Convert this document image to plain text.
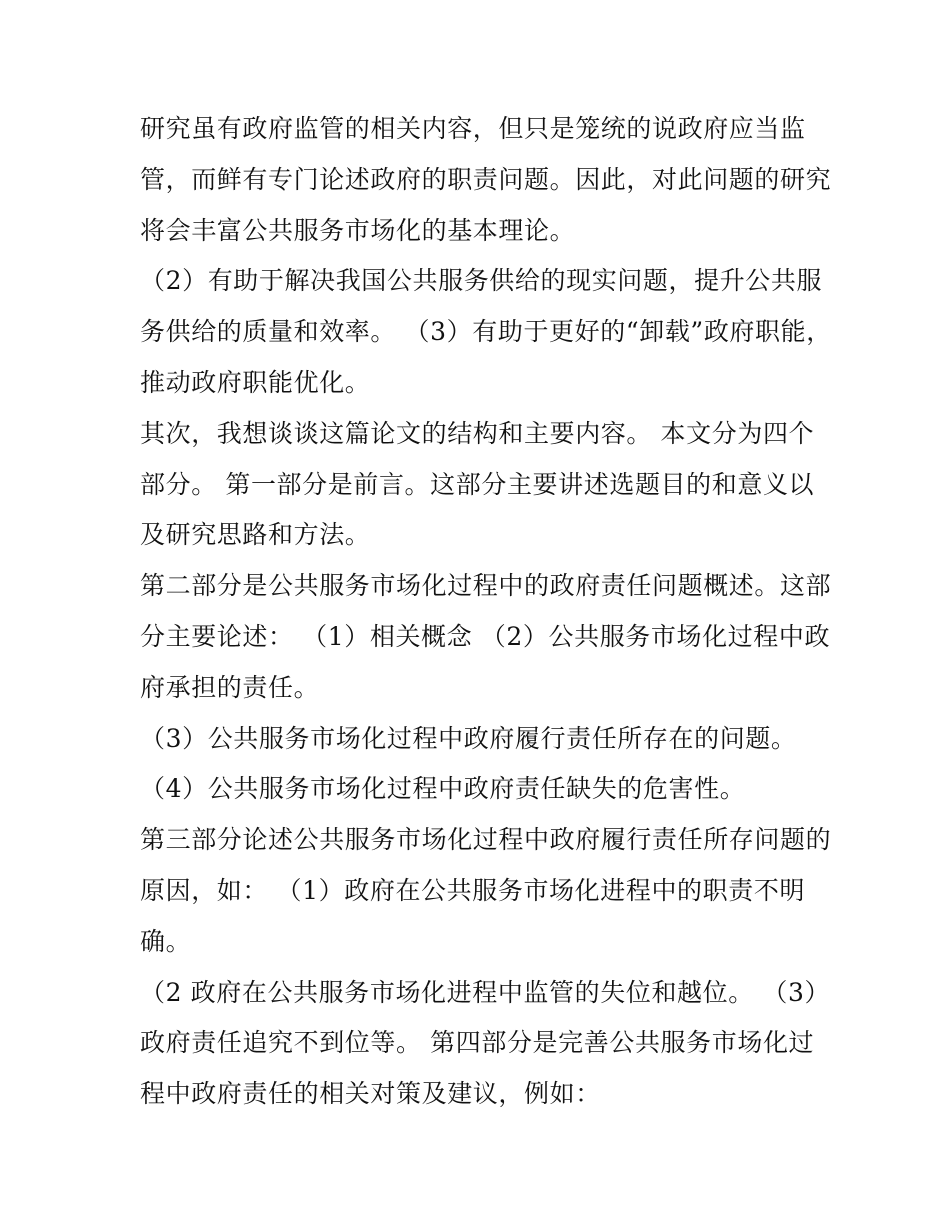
研究虽有政府监管的相关内容，但只是笼统的说政府应当监
管，而鲜有专门论述政府的职责问题。因此，对此问题的研究
将会丰富公共服务市场化的基本理论。
（2）有助于解决我国公共服务供给的现实问题，提升公共服
务供给的质量和效率。 （3）有助于更好的“卸载”政府职能，
推动政府职能优化。
其次，我想谈谈这篇论文的结构和主要内容。 本文分为四个
部分。 第一部分是前言。这部分主要讲述选题目的和意义以
及研究思路和方法。
第二部分是公共服务市场化过程中的政府责任问题概述。这部
分主要论述： （1）相关概念 （2）公共服务市场化过程中政
府承担的责任。
（3）公共服务市场化过程中政府履行责任所存在的问题。
（4）公共服务市场化过程中政府责任缺失的危害性。
第三部分论述公共服务市场化过程中政府履行责任所存问题的
原因，如： （1）政府在公共服务市场化进程中的职责不明
确。
（2 政府在公共服务市场化进程中监管的失位和越位。 （3）
政府责任追究不到位等。 第四部分是完善公共服务市场化过
程中政府责任的相关对策及建议，例如：
